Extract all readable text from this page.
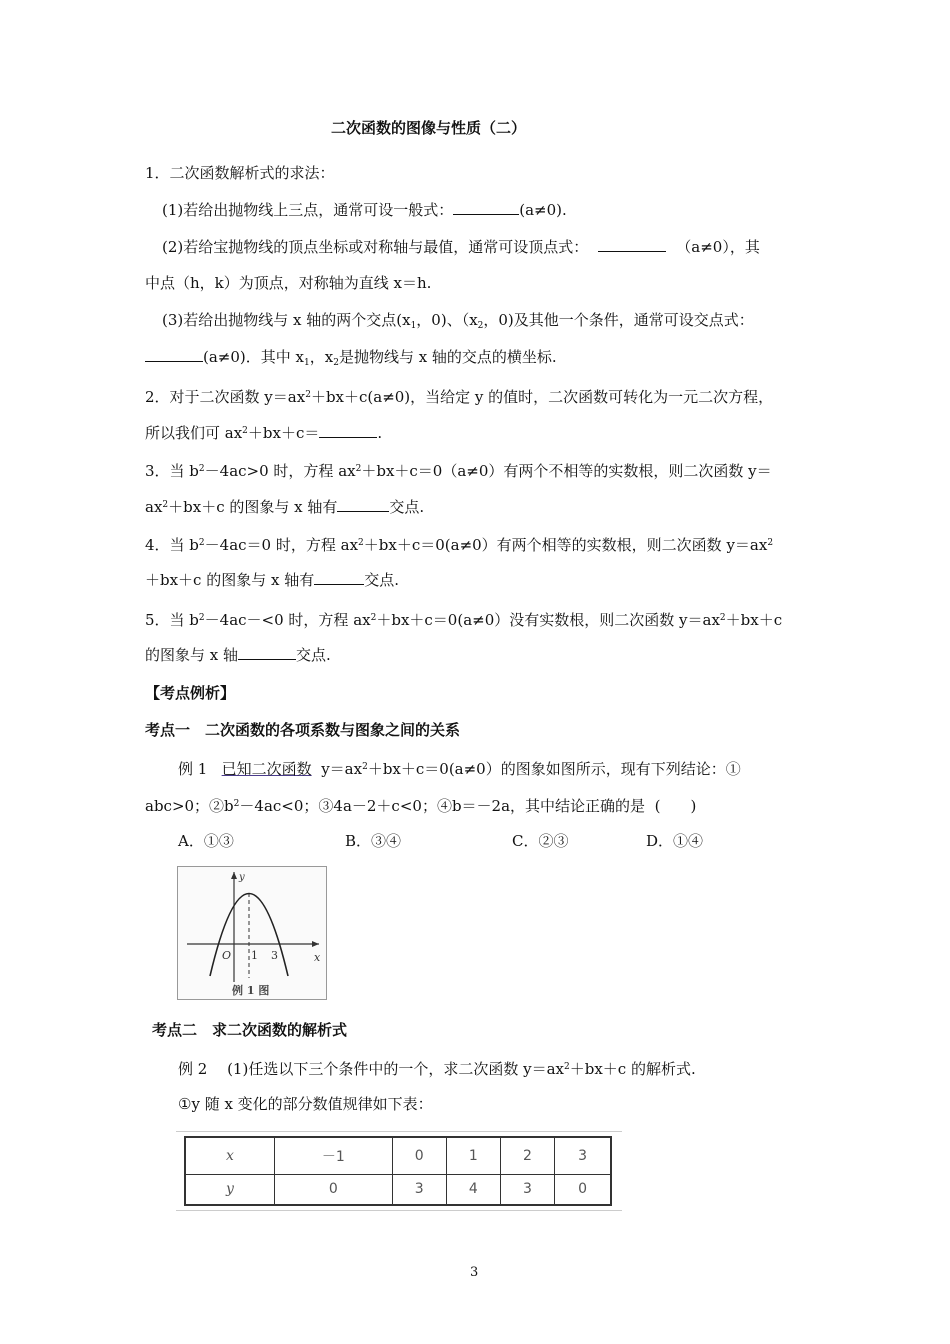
二次函数的图像与性质（二）
1．二次函数解析式的求法：
(1)若给出抛物线上三点，通常可设一般式：	(a≠0).
(2)若给宝抛物线的顶点坐标或对称轴与最值，通常可设顶点式：	（a≠0），其
中点（h，k）为顶点，对称轴为直线 x＝h.
(3)若给出抛物线与 x 轴的两个交点($x_1$，0)、（$x_2$，0)及其他一个条件，通常可设交点式：
(a≠0)．其中 $x_1$，$x_2$是抛物线与 x 轴的交点的横坐标.
2．对于二次函数 $y=ax^2+bx+c(a\ne 0)$，当给定 y 的值时，二次函数可转化为一元二次方程，
所以我们可 $ax^2+bx+c=$	.
3．当 $b^2-4ac>0$ 时，方程 $ax^2+bx+c=0(a\ne 0)$有两个不相等的实数根，则二次函数 y＝
$ax^2+bx+c$ 的图象与 x 轴有	交点.
4．当 $b^2-4ac=0$ 时，方程 $ax^2+bx+c=0(a\ne 0)$有两个相等的实数根，则二次函数 $y=ax^2$
＋bx＋c 的图象与 x 轴有	交点.
5．当 $b^2-4ac-<0$ 时，方程 $ax^2+bx+c=0(a\ne 0)$没有实数根，则二次函数 $y=ax^2+bx+c$
的图象与 x 轴	交点.
【考点例析】
考点一　二次函数的各项系数与图象之间的关系
例 1 已知二次函数 $y=ax^2+bx+c=0(a\ne 0)$的图象如图所示，现有下列结论：①
abc>0；$②b^2-4ac<0$；③4a－2＋c<0；④b＝－2a，其中结论正确的是 (　　)
A．①③	B．③④	C．②③	D．①④
x
y
O 1 3
例 1 图
考点二　求二次函数的解析式
例 2　 (1)任选以下三个条件中的一个，求二次函数 $y=ax^2+bx+c$ 的解析式.
①y 随 x 变化的部分数值规律如下表：
x	－1	0	1	2	3
y	0	3	4	3	0
3
